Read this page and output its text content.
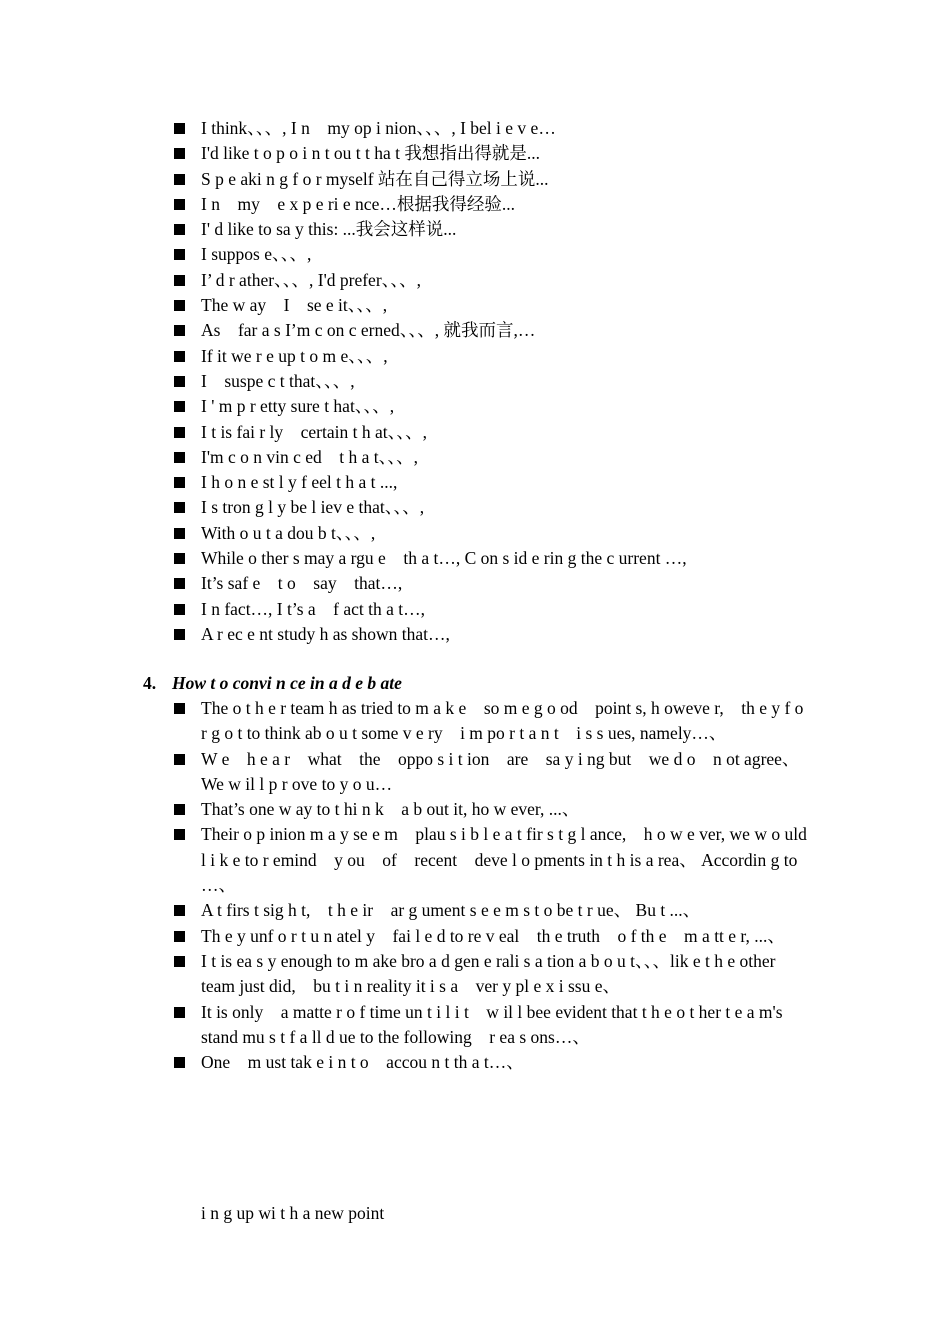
I think、、、, I n　my op i nion、、、, I bel i e v e…
I'd like t o p o i n t ou t t ha t 我想指出得就是...
S p e aki n g f o r myself 站在自己得立场上说...
I n　my　e x p e ri e nce…根据我得经验...
I' d like to sa y this: ...我会这样说...
I suppos e、、、,
I’ d r ather、、、, I'd prefer、、、,
The w ay　I　se e it、、、,
As　far a s I’m c on c erned、、、, 就我而言,…
If it we r e up t o m e、、、,
I　suspe c t that、、、,
I ' m p r etty sure t hat、、、,
I t is fai r ly　certain t h at、、、,
I'm c o n vin c ed　t h a t、、、,
I h o n e st l y f eel t h a t ...,
I s tron g l y be l iev e that、、、,
With o u t a dou b t、、、,
While o ther s may a rgu e　th a t…, C on s id e rin g the c urrent …,
It’s saf e　t o　say　that…,
I n fact…, I t’s a　f act th a t…,
A r ec e nt study h as shown that…,
4. How t o convi n ce in a d e b ate
The o t h e r team h as tried to m a k e　so m e g o od　point s, h oweve r,　th e y f o r g o t to think ab o u t some v e ry　i m po r t a n t　i s s ues, namely…、
W e　h e a r　what　the　oppo s i t ion　are　sa y i ng but　we d o　n ot agree、 We w il l p r ove to y o u…
That’s one w ay to t hi n k　a b out it, ho w ever, ...、
Their o p inion m a y se e m　plau s i b l e a t fir s t g l ance,　h o w e ver, we w o uld l i k e to r emind　y ou　of　recent　deve l o pments in t h is a rea、 Accordin g to …、
A t firs t sig h t,　t h e ir　ar g ument s e e m s t o be t r ue、 Bu t ...、
Th e y unf o r t u n atel y　fai l e d to re v eal　th e truth　o f th e　m a tt e r, ...、
I t is ea s y enough to m ake bro a d gen e rali s a tion a b o u t、、、lik e t h e other team just did,　bu t i n reality it i s a　ver y pl e x i ssu e、
It is only　a matte r o f time un t i l i t　w il l bee evident that t h e o t her t e a m's stand mu s t f a ll d ue to the following　r ea s ons…、
One　m ust tak e i n t o　accou n t th a t…、
i n g up wi t h a new point
